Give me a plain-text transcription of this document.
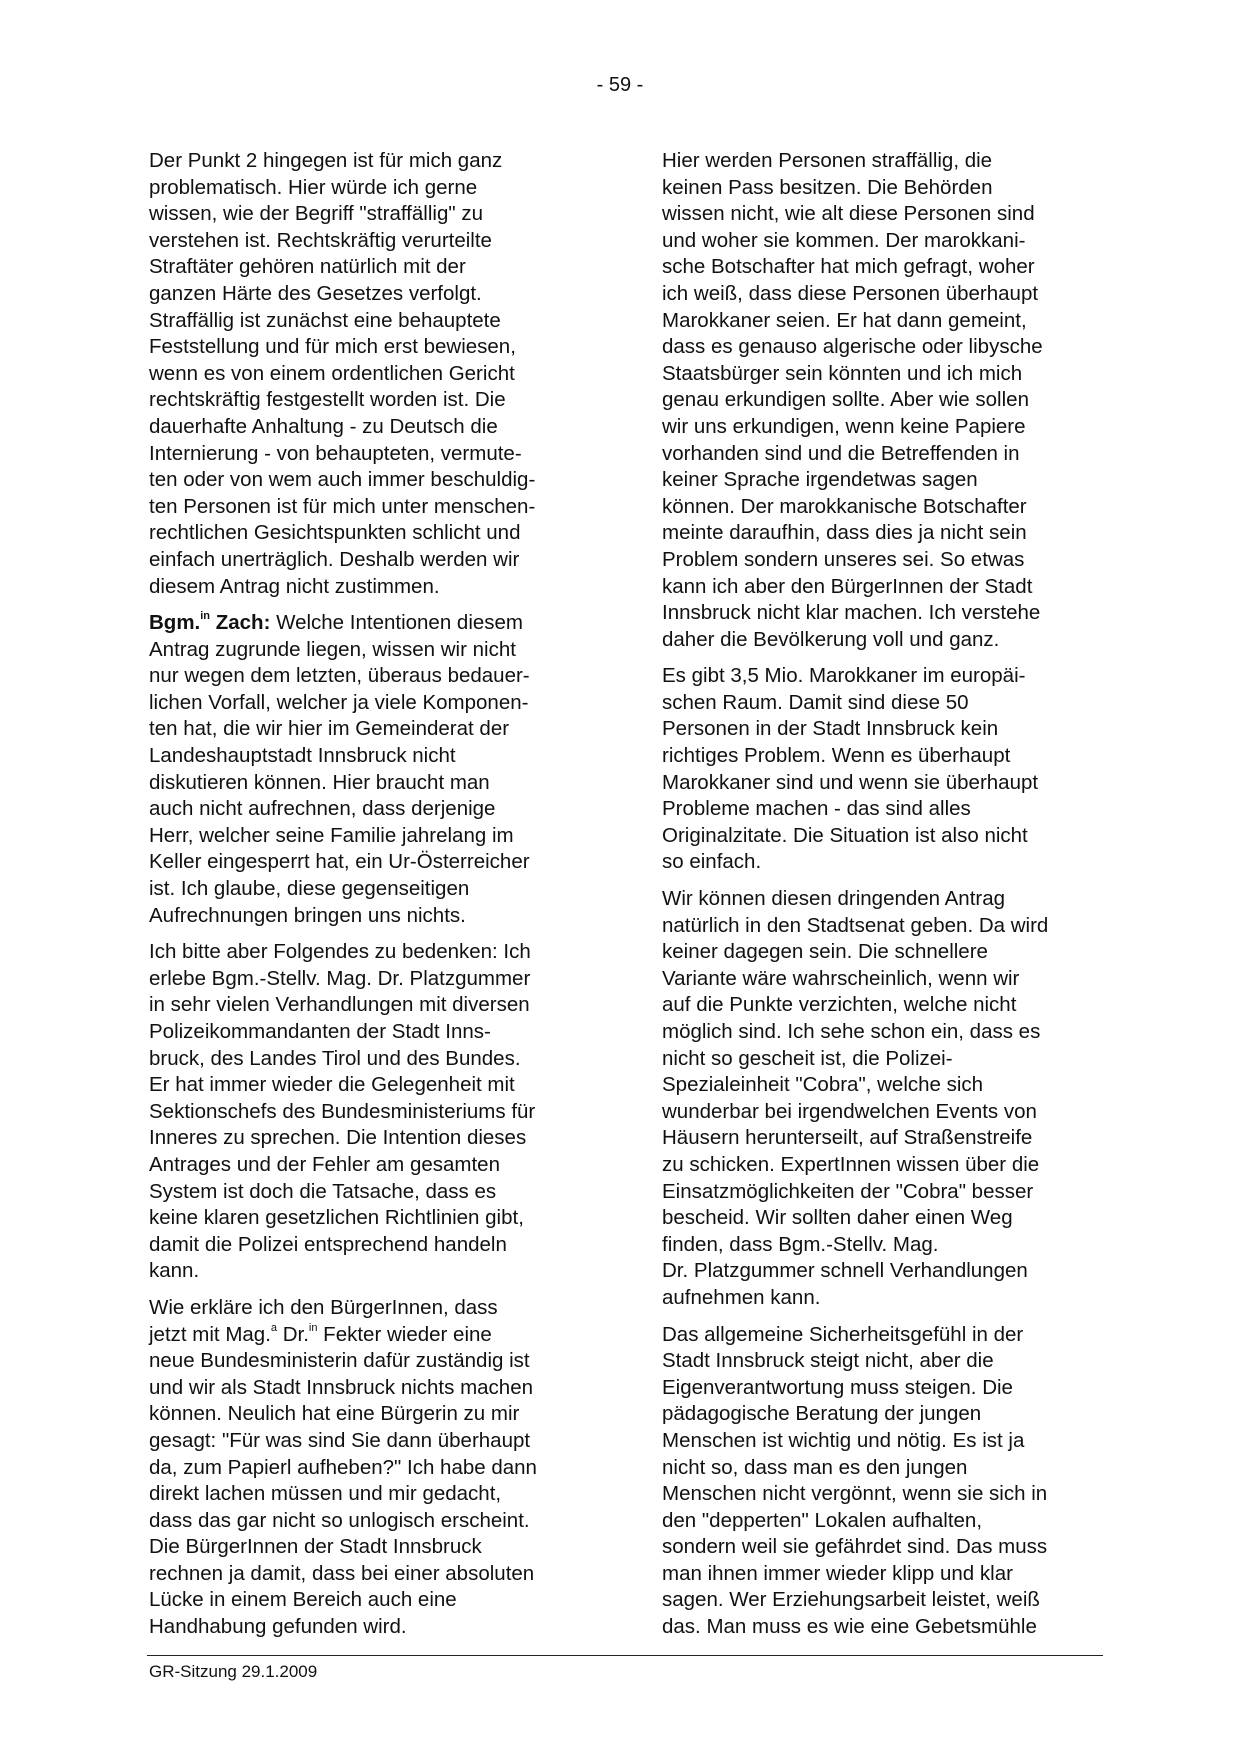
- 59 -

Der Punkt 2 hingegen ist für mich ganz
problematisch. Hier würde ich gerne
wissen, wie der Begriff "straffällig" zu
verstehen ist. Rechtskräftig verurteilte
Straftäter gehören natürlich mit der
ganzen Härte des Gesetzes verfolgt.
Straffällig ist zunächst eine behauptete
Feststellung und für mich erst bewiesen,
wenn es von einem ordentlichen Gericht
rechtskräftig festgestellt worden ist. Die
dauerhafte Anhaltung - zu Deutsch die
Internierung - von behaupteten, vermute-
ten oder von wem auch immer beschuldig-
ten Personen ist für mich unter menschen-
rechtlichen Gesichtspunkten schlicht und
einfach unerträglich. Deshalb werden wir
diesem Antrag nicht zustimmen.

Bgm.$^{in}$ Zach: Welche Intentionen diesem
Antrag zugrunde liegen, wissen wir nicht
nur wegen dem letzten, überaus bedauer-
lichen Vorfall, welcher ja viele Komponen-
ten hat, die wir hier im Gemeinderat der
Landeshauptstadt Innsbruck nicht
diskutieren können. Hier braucht man
auch nicht aufrechnen, dass derjenige
Herr, welcher seine Familie jahrelang im
Keller eingesperrt hat, ein Ur-Österreicher
ist. Ich glaube, diese gegenseitigen
Aufrechnungen bringen uns nichts.

Ich bitte aber Folgendes zu bedenken: Ich
erlebe Bgm.-Stellv. Mag. Dr. Platzgummer
in sehr vielen Verhandlungen mit diversen
Polizeikommandanten der Stadt Inns-
bruck, des Landes Tirol und des Bundes.
Er hat immer wieder die Gelegenheit mit
Sektionschefs des Bundesministeriums für
Inneres zu sprechen. Die Intention dieses
Antrages und der Fehler am gesamten
System ist doch die Tatsache, dass es
keine klaren gesetzlichen Richtlinien gibt,
damit die Polizei entsprechend handeln
kann.

Wie erkläre ich den BürgerInnen, dass
jetzt mit Mag.$^a$ Dr.$^{in}$ Fekter wieder eine
neue Bundesministerin dafür zuständig ist
und wir als Stadt Innsbruck nichts machen
können. Neulich hat eine Bürgerin zu mir
gesagt: "Für was sind Sie dann überhaupt
da, zum Papierl aufheben?" Ich habe dann
direkt lachen müssen und mir gedacht,
dass das gar nicht so unlogisch erscheint.
Die BürgerInnen der Stadt Innsbruck
rechnen ja damit, dass bei einer absoluten
Lücke in einem Bereich auch eine
Handhabung gefunden wird.

Hier werden Personen straffällig, die
keinen Pass besitzen. Die Behörden
wissen nicht, wie alt diese Personen sind
und woher sie kommen. Der marokkani-
sche Botschafter hat mich gefragt, woher
ich weiß, dass diese Personen überhaupt
Marokkaner seien. Er hat dann gemeint,
dass es genauso algerische oder libysche
Staatsbürger sein könnten und ich mich
genau erkundigen sollte. Aber wie sollen
wir uns erkundigen, wenn keine Papiere
vorhanden sind und die Betreffenden in
keiner Sprache irgendetwas sagen
können. Der marokkanische Botschafter
meinte daraufhin, dass dies ja nicht sein
Problem sondern unseres sei. So etwas
kann ich aber den BürgerInnen der Stadt
Innsbruck nicht klar machen. Ich verstehe
daher die Bevölkerung voll und ganz.

Es gibt 3,5 Mio. Marokkaner im europäi-
schen Raum. Damit sind diese 50
Personen in der Stadt Innsbruck kein
richtiges Problem. Wenn es überhaupt
Marokkaner sind und wenn sie überhaupt
Probleme machen - das sind alles
Originalzitate. Die Situation ist also nicht
so einfach.

Wir können diesen dringenden Antrag
natürlich in den Stadtsenat geben. Da wird
keiner dagegen sein. Die schnellere
Variante wäre wahrscheinlich, wenn wir
auf die Punkte verzichten, welche nicht
möglich sind. Ich sehe schon ein, dass es
nicht so gescheit ist, die Polizei-
Spezialeinheit "Cobra", welche sich
wunderbar bei irgendwelchen Events von
Häusern herunterseilt, auf Straßenstreife
zu schicken. ExpertInnen wissen über die
Einsatzmöglichkeiten der "Cobra" besser
bescheid. Wir sollten daher einen Weg
finden, dass Bgm.-Stellv. Mag.
Dr. Platzgummer schnell Verhandlungen
aufnehmen kann.

Das allgemeine Sicherheitsgefühl in der
Stadt Innsbruck steigt nicht, aber die
Eigenverantwortung muss steigen. Die
pädagogische Beratung der jungen
Menschen ist wichtig und nötig. Es ist ja
nicht so, dass man es den jungen
Menschen nicht vergönnt, wenn sie sich in
den "depperten" Lokalen aufhalten,
sondern weil sie gefährdet sind. Das muss
man ihnen immer wieder klipp und klar
sagen. Wer Erziehungsarbeit leistet, weiß
das. Man muss es wie eine Gebetsmühle

GR-Sitzung 29.1.2009
